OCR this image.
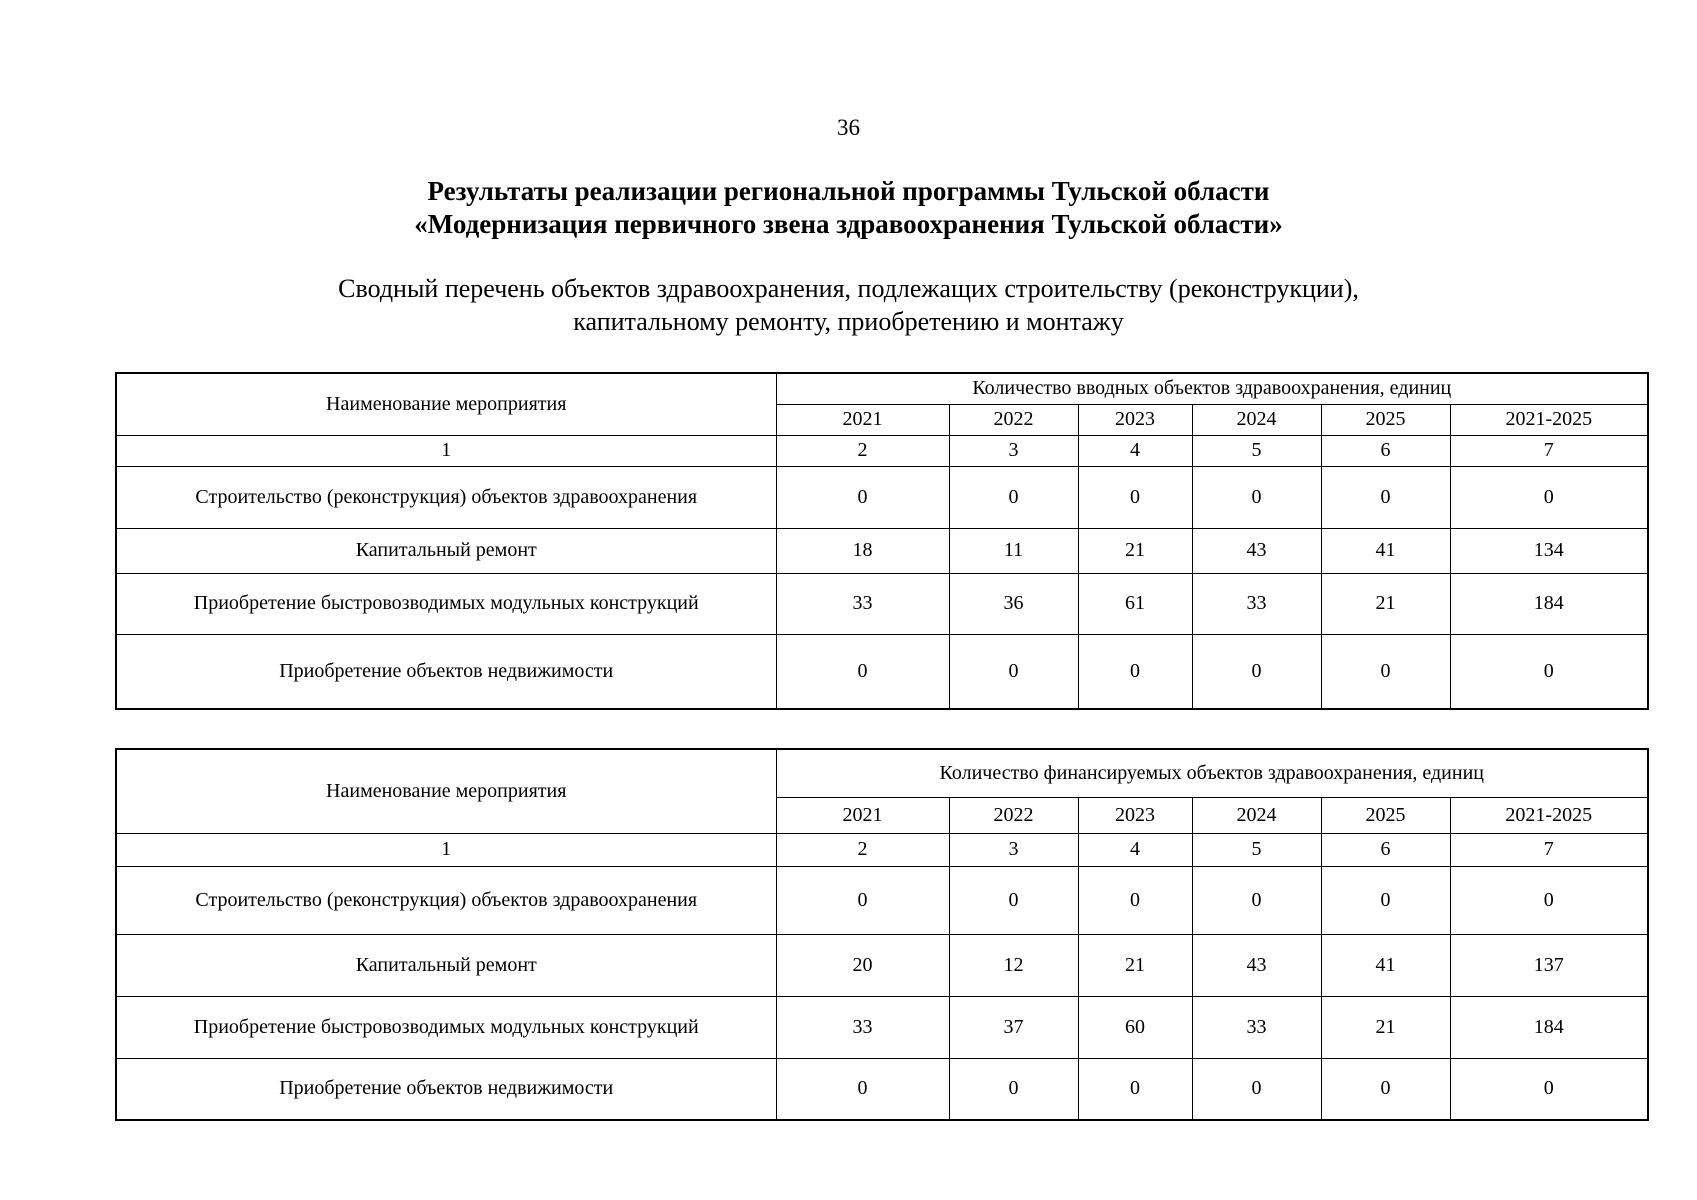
36
Результаты реализации региональной программы Тульской области
«Модернизация первичного звена здравоохранения Тульской области»
Сводный перечень объектов здравоохранения, подлежащих строительству (реконструкции),
капитальному ремонту, приобретению и монтажу
Наименование мероприятия	Количество вводных объектов здравоохранения, единиц					
	2021	2022	2023	2024	2025	2021-2025
1	2	3	4	5	6	7
Строительство (реконструкция) объектов здравоохранения	0	0	0	0	0	0
Капитальный ремонт	18	11	21	43	41	134
Приобретение быстровозводимых модульных конструкций	33	36	61	33	21	184
Приобретение объектов недвижимости	0	0	0	0	0	0
Наименование мероприятия	Количество финансируемых объектов здравоохранения, единиц					
	2021	2022	2023	2024	2025	2021-2025
1	2	3	4	5	6	7
Строительство (реконструкция) объектов здравоохранения	0	0	0	0	0	0
Капитальный ремонт	20	12	21	43	41	137
Приобретение быстровозводимых модульных конструкций	33	37	60	33	21	184
Приобретение объектов недвижимости	0	0	0	0	0	0
